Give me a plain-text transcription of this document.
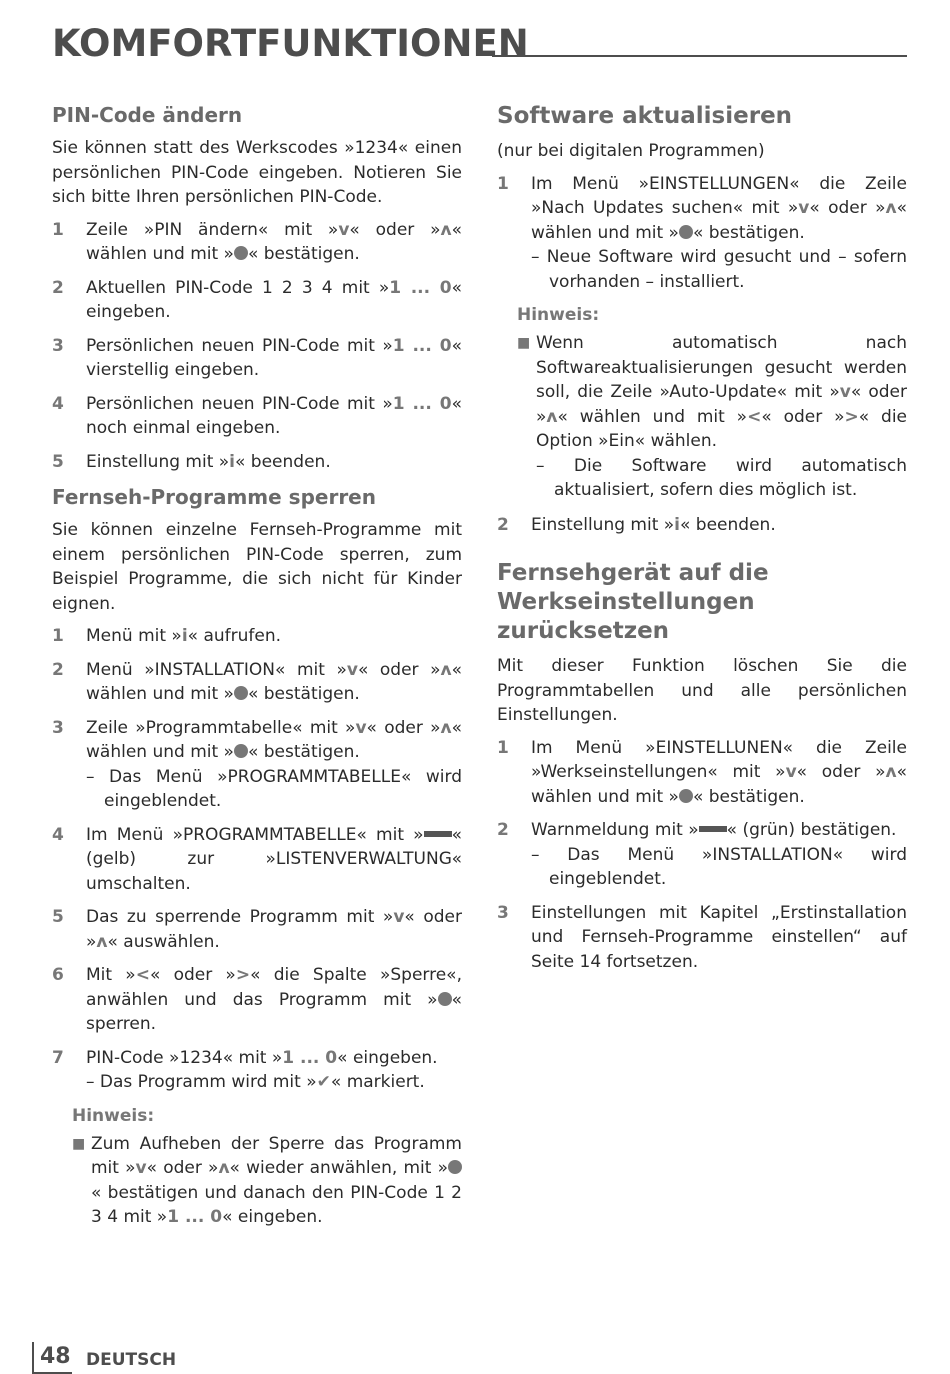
KOMFORTFUNKTIONEN
PIN-Code ändern
Sie können statt des Werkscodes »1234« einen persönlichen PIN-Code eingeben. Notieren Sie sich bitte Ihren persönlichen PIN-Code.
1	Zeile »PIN ändern« mit »v« oder »ʌ« wählen und mit » « bestätigen.
2	Aktuellen PIN-Code 1 2 3 4 mit »1 ... 0« eingeben.
3	Persönlichen neuen PIN-Code mit »1 ... 0« vierstellig eingeben.
4	Persönlichen neuen PIN-Code mit »1 ... 0« noch einmal eingeben.
5	Einstellung mit »i« beenden.
Fernseh-Programme sperren
Sie können einzelne Fernseh-Programme mit einem persönlichen PIN-Code sperren, zum Beispiel Programme, die sich nicht für Kinder eignen.
1	Menü mit »i« aufrufen.
2	Menü »INSTALLATION« mit »v« oder »ʌ« wählen und mit » « bestätigen.
3	Zeile »Programmtabelle« mit »v« oder »ʌ« wählen und mit » « bestätigen.
– Das Menü »PROGRAMMTABELLE« wird eingeblendet.
4	Im Menü »PROGRAMMTABELLE« mit » « (gelb) zur »LISTENVERWALTUNG« umschalten.
5	Das zu sperrende Programm mit »v« oder »ʌ« auswählen.
6	Mit »<« oder »>« die Spalte »Sperre«, anwählen und das Programm mit » « sperren.
7	PIN-Code »1234« mit »1 ... 0« eingeben.
– Das Programm wird mit »✔« markiert.
Hinweis:
■ Zum Aufheben der Sperre das Programm mit »v« oder »ʌ« wieder anwählen, mit »« bestätigen und danach den PIN-Code 1 2 3 4 mit »1 ... 0« eingeben.
Software aktualisieren
(nur bei digitalen Programmen)
1	Im Menü »EINSTELLUNGEN« die Zeile »Nach Updates suchen« mit »v« oder »ʌ« wählen und mit » « bestätigen.
– Neue Software wird gesucht und – sofern vorhanden – installiert.
Hinweis:
■ Wenn automatisch nach Softwareaktualisierungen gesucht werden soll, die Zeile »Auto-Update« mit »v« oder »ʌ« wählen und mit »<« oder »>« die Option »Ein« wählen.
– Die Software wird automatisch aktualisiert, sofern dies möglich ist.
2	Einstellung mit »i« beenden.
Fernsehgerät auf die Werkseinstellungen zurücksetzen
Mit dieser Funktion löschen Sie die Programmtabellen und alle persönlichen Einstellungen.
1	Im Menü »EINSTELLUNEN« die Zeile »Werkseinstellungen« mit »v« oder »ʌ« wählen und mit » « bestätigen.
2	Warnmeldung mit » « (grün) bestätigen.
– Das Menü »INSTALLATION« wird eingeblendet.
3	Einstellungen mit Kapitel „Erstinstallation und Fernseh-Programme einstellen“ auf Seite 14 fortsetzen.
48 DEUTSCH
